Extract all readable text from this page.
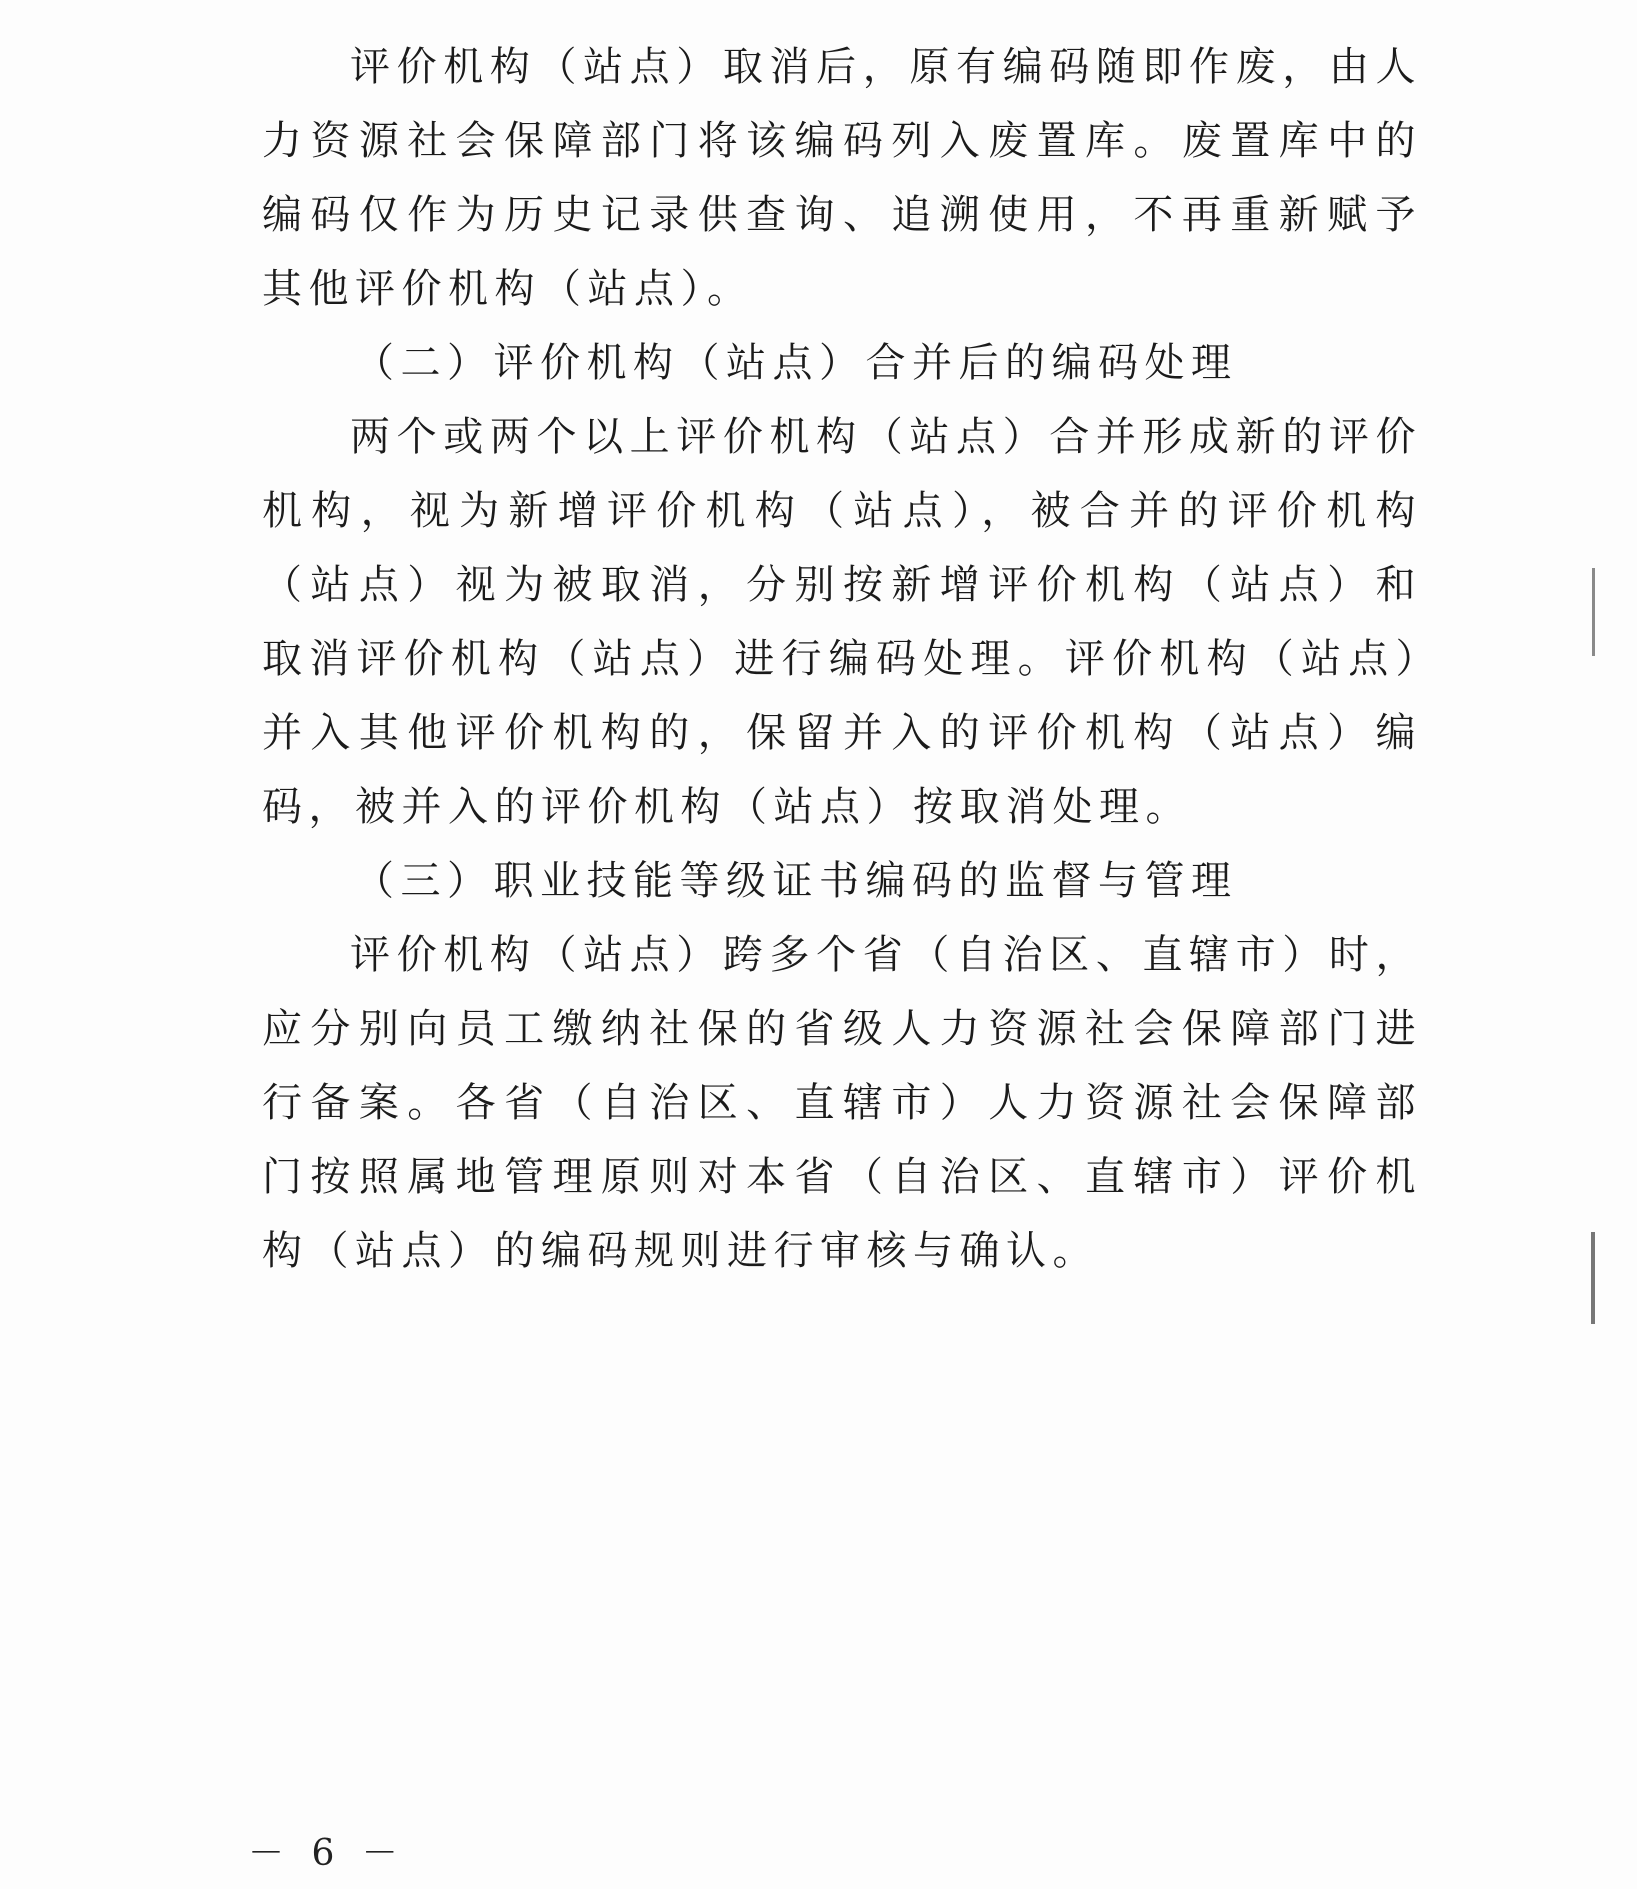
评价机构（站点）取消后，原有编码随即作废，由人力资源社会保障部门将该编码列入废置库。废置库中的编码仅作为历史记录供查询、追溯使用，不再重新赋予其他评价机构（站点）。

（二）评价机构（站点）合并后的编码处理

两个或两个以上评价机构（站点）合并形成新的评价机构，视为新增评价机构（站点），被合并的评价机构（站点）视为被取消，分别按新增评价机构（站点）和取消评价机构（站点）进行编码处理。评价机构（站点）并入其他评价机构的，保留并入的评价机构（站点）编码，被并入的评价机构（站点）按取消处理。

（三）职业技能等级证书编码的监督与管理

评价机构（站点）跨多个省（自治区、直辖市）时，应分别向员工缴纳社保的省级人力资源社会保障部门进行备案。各省（自治区、直辖市）人力资源社会保障部门按照属地管理原则对本省（自治区、直辖市）评价机构（站点）的编码规则进行审核与确认。

－ 6 －
